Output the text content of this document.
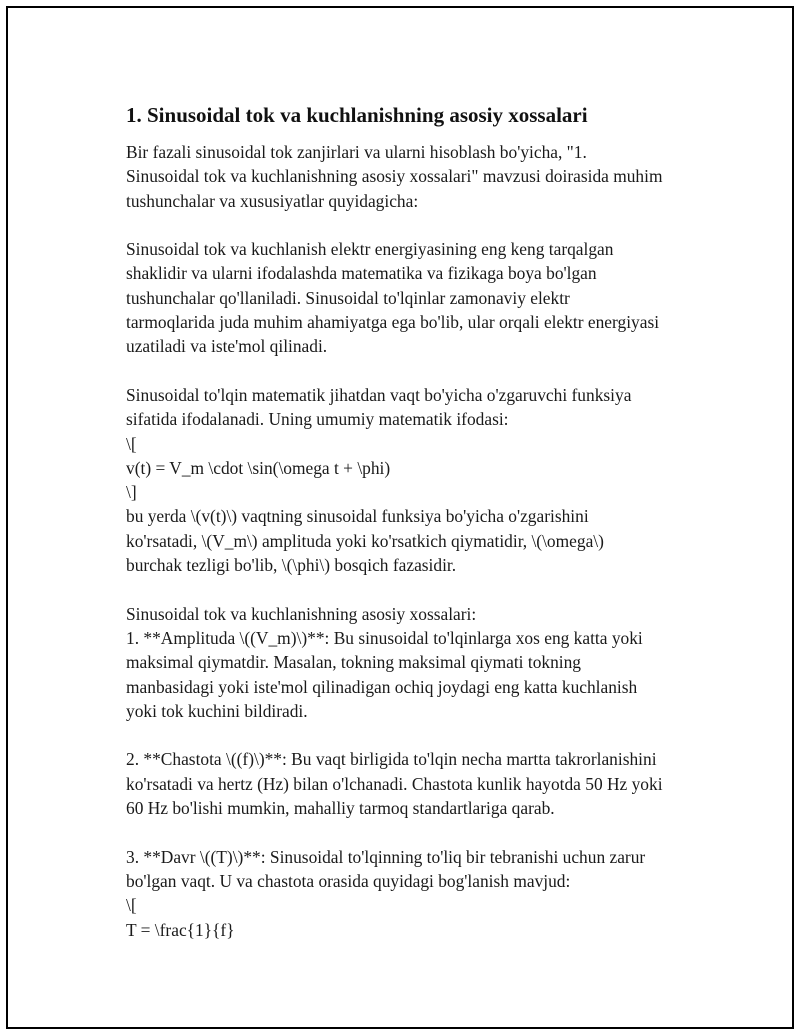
1. Sinusoidal tok va kuchlanishning asosiy xossalari
Bir fazali sinusoidal tok zanjirlari va ularni hisoblash bo'yicha, "1.
Sinusoidal tok va kuchlanishning asosiy xossalari" mavzusi doirasida muhim
tushunchalar va xususiyatlar quyidagicha:
Sinusoidal tok va kuchlanish elektr energiyasining eng keng tarqalgan
shaklidir va ularni ifodalashda matematika va fizikaga boya bo'lgan
tushunchalar qo'llaniladi. Sinusoidal to'lqinlar zamonaviy elektr
tarmoqlarida juda muhim ahamiyatga ega bo'lib, ular orqali elektr energiyasi
uzatiladi va iste'mol qilinadi.
Sinusoidal to'lqin matematik jihatdan vaqt bo'yicha o'zgaruvchi funksiya
sifatida ifodalanadi. Uning umumiy matematik ifodasi:
\[
v(t) = V_m \cdot \sin(\omega t + \phi)
\]
bu yerda \(v(t)\) vaqtning sinusoidal funksiya bo'yicha o'zgarishini
ko'rsatadi, \(V_m\) amplituda yoki ko'rsatkich qiymatidir, \(\omega\)
burchak tezligi bo'lib, \(\phi\) bosqich fazasidir.
Sinusoidal tok va kuchlanishning asosiy xossalari:
1. **Amplituda \((V_m)\)**: Bu sinusoidal to'lqinlarga xos eng katta yoki
maksimal qiymatdir. Masalan, tokning maksimal qiymati tokning
manbasidagi yoki iste'mol qilinadigan ochiq joydagi eng katta kuchlanish
yoki tok kuchini bildiradi.
2. **Chastota \((f)\)**: Bu vaqt birligida to'lqin necha martta takrorlanishini
ko'rsatadi va hertz (Hz) bilan o'lchanadi. Chastota kunlik hayotda 50 Hz yoki
60 Hz bo'lishi mumkin, mahalliy tarmoq standartlariga qarab.
3. **Davr \((T)\)**: Sinusoidal to'lqinning to'liq bir tebranishi uchun zarur
bo'lgan vaqt. U va chastota orasida quyidagi bog'lanish mavjud:
\[
T = \frac{1}{f}
